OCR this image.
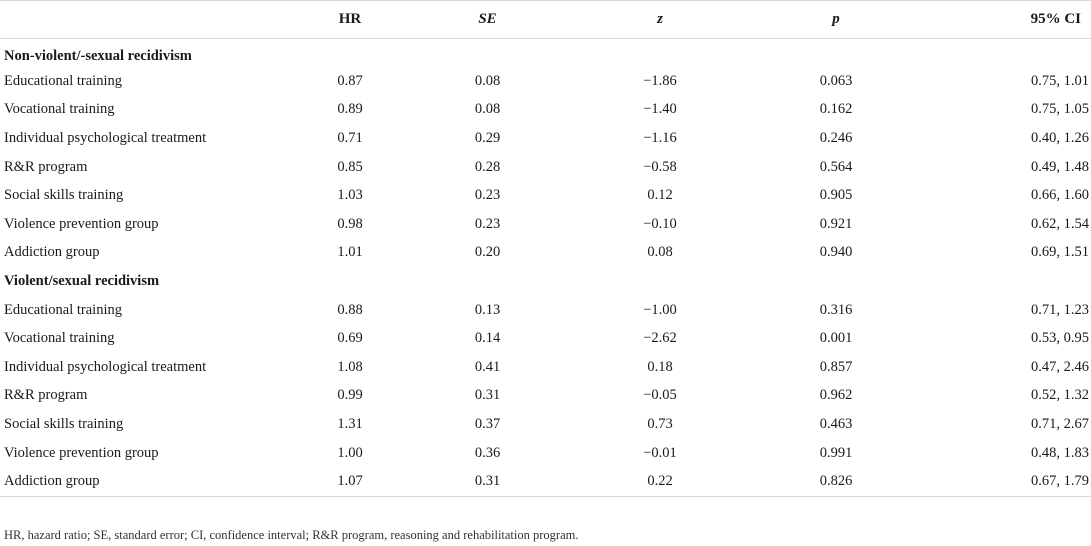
	HR	SE	z	p	95% CI
Non-violent/-sexual recidivism					
Educational training	0.87	0.08	−1.86	0.063	0.75, 1.01
Vocational training	0.89	0.08	−1.40	0.162	0.75, 1.05
Individual psychological treatment	0.71	0.29	−1.16	0.246	0.40, 1.26
R&R program	0.85	0.28	−0.58	0.564	0.49, 1.48
Social skills training	1.03	0.23	0.12	0.905	0.66, 1.60
Violence prevention group	0.98	0.23	−0.10	0.921	0.62, 1.54
Addiction group	1.01	0.20	0.08	0.940	0.69, 1.51
Violent/sexual recidivism					
Educational training	0.88	0.13	−1.00	0.316	0.71, 1.23
Vocational training	0.69	0.14	−2.62	0.001	0.53, 0.95
Individual psychological treatment	1.08	0.41	0.18	0.857	0.47, 2.46
R&R program	0.99	0.31	−0.05	0.962	0.52, 1.32
Social skills training	1.31	0.37	0.73	0.463	0.71, 2.67
Violence prevention group	1.00	0.36	−0.01	0.991	0.48, 1.83
Addiction group	1.07	0.31	0.22	0.826	0.67, 1.79
HR, hazard ratio; SE, standard error; CI, confidence interval; R&R program, reasoning and rehabilitation program.
